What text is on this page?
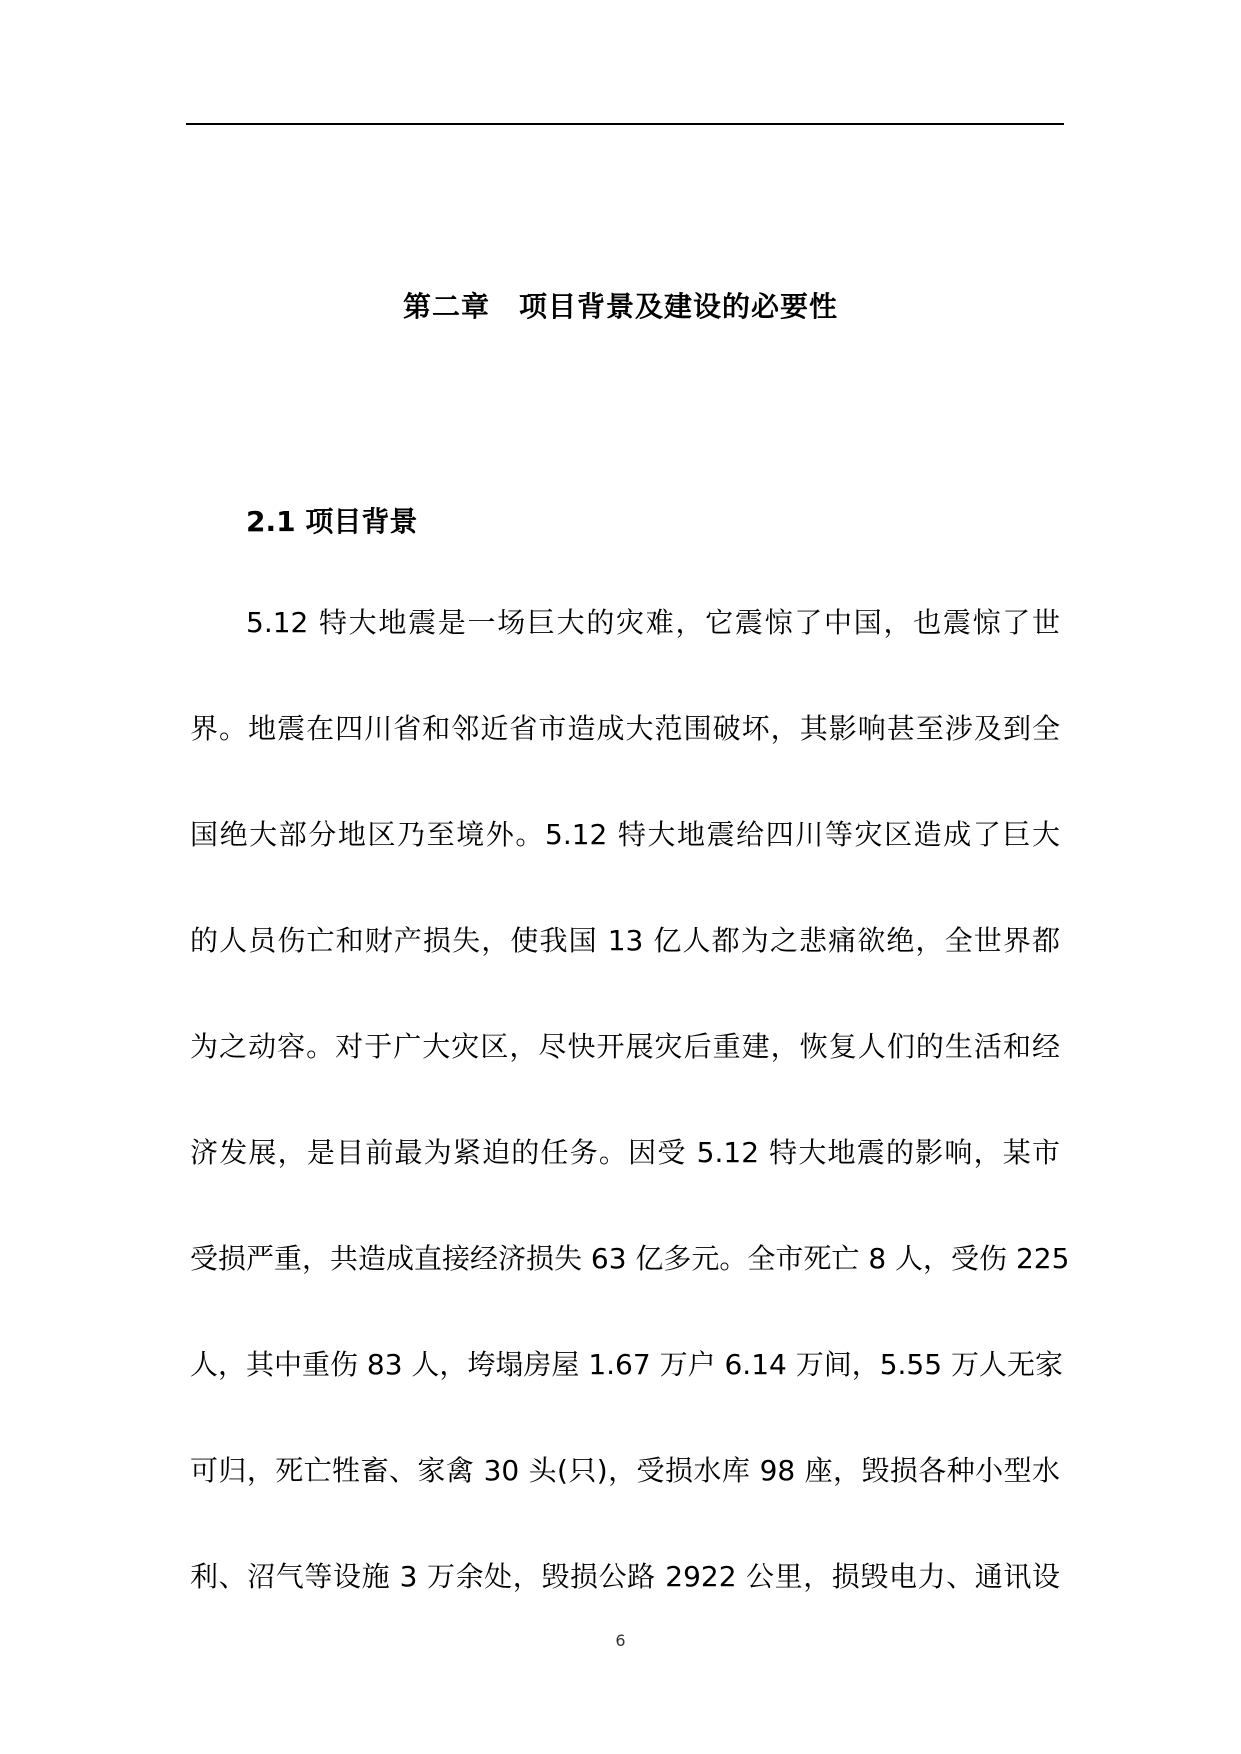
第二章　项目背景及建设的必要性
2.1 项目背景
5.12 特大地震是一场巨大的灾难，它震惊了中国，也震惊了世
界。地震在四川省和邻近省市造成大范围破坏，其影响甚至涉及到全
国绝大部分地区乃至境外。5.12 特大地震给四川等灾区造成了巨大
的人员伤亡和财产损失，使我国 13 亿人都为之悲痛欲绝，全世界都
为之动容。对于广大灾区，尽快开展灾后重建，恢复人们的生活和经
济发展，是目前最为紧迫的任务。因受 5.12 特大地震的影响，某市
受损严重，共造成直接经济损失 63 亿多元。全市死亡 8 人，受伤 225
人，其中重伤 83 人，垮塌房屋 1.67 万户 6.14 万间，5.55 万人无家
可归，死亡牲畜、家禽 30 头(只)，受损水库 98 座，毁损各种小型水
利、沼气等设施 3 万余处，毁损公路 2922 公里，损毁电力、通讯设
6
